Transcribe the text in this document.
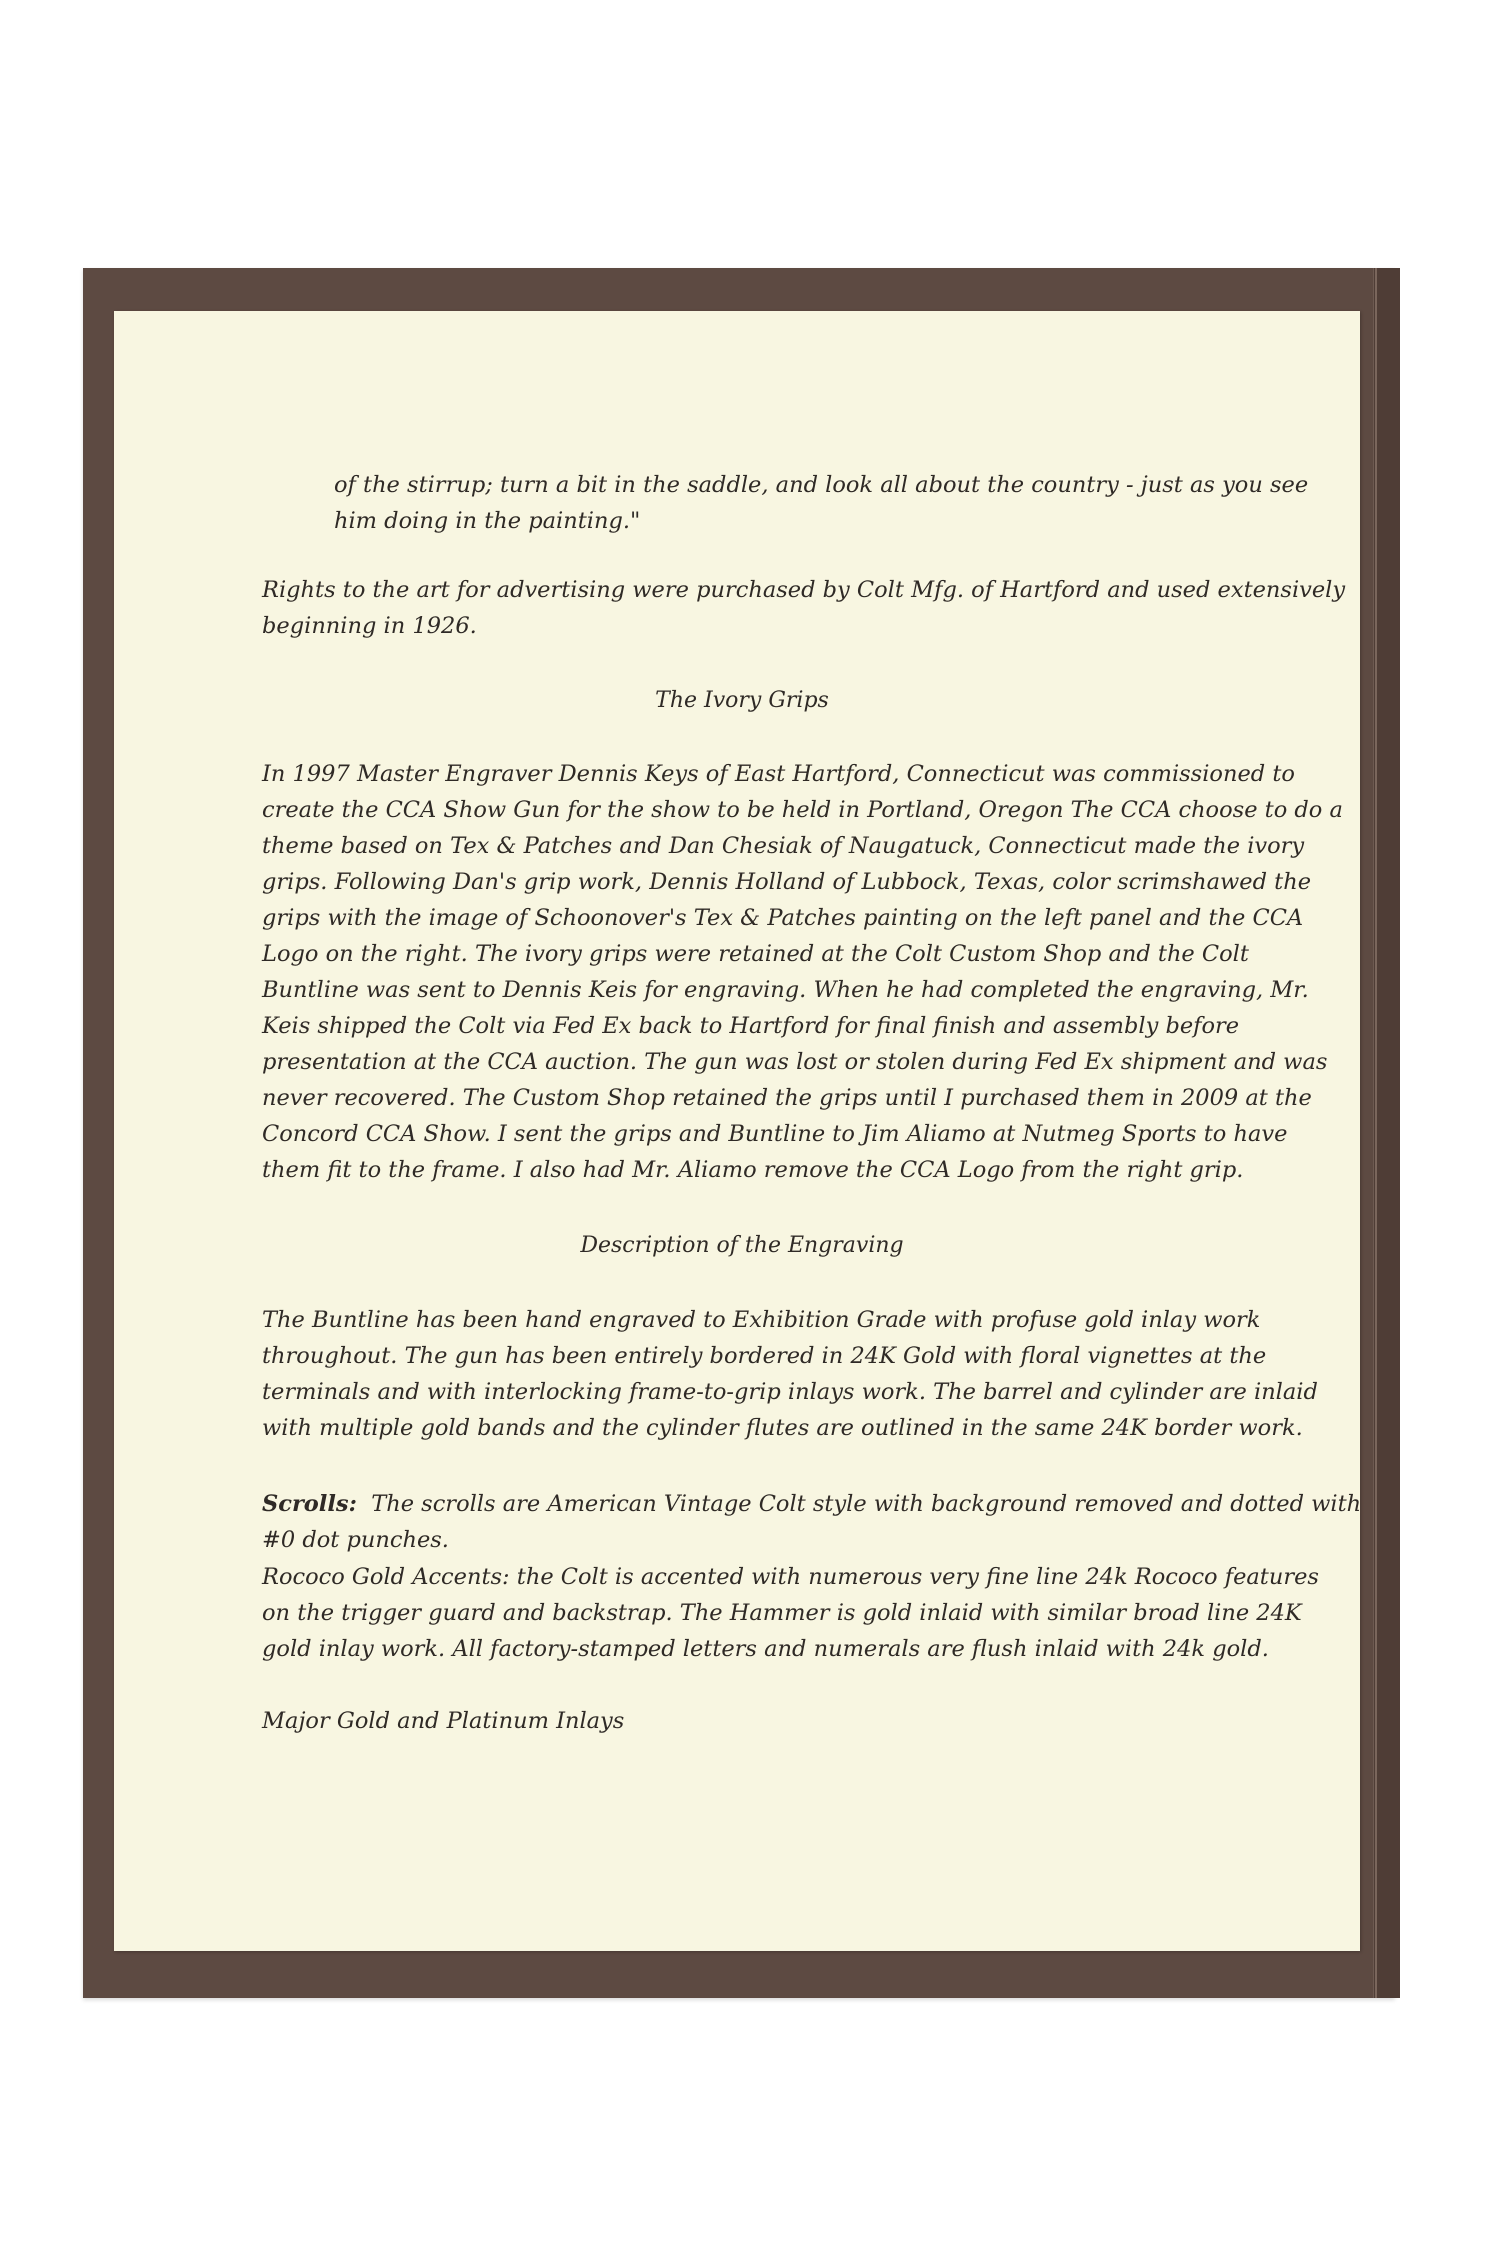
of the stirrup; turn a bit in the saddle, and look all about the country - just as you see
him doing in the painting."
Rights to the art for advertising were purchased by Colt Mfg. of Hartford and used extensively
beginning in 1926.
The Ivory Grips
In 1997 Master Engraver Dennis Keys of East Hartford, Connecticut was commissioned to
create the CCA Show Gun for the show to be held in Portland, Oregon The CCA choose to do a
theme based on Tex & Patches and Dan Chesiak of Naugatuck, Connecticut made the ivory
grips. Following Dan's grip work, Dennis Holland of Lubbock, Texas, color scrimshawed the
grips with the image of Schoonover's Tex & Patches painting on the left panel and the CCA
Logo on the right. The ivory grips were retained at the Colt Custom Shop and the Colt
Buntline was sent to Dennis Keis for engraving. When he had completed the engraving, Mr.
Keis shipped the Colt via Fed Ex back to Hartford for final finish and assembly before
presentation at the CCA auction. The gun was lost or stolen during Fed Ex shipment and was
never recovered. The Custom Shop retained the grips until I purchased them in 2009 at the
Concord CCA Show. I sent the grips and Buntline to Jim Aliamo at Nutmeg Sports to have
them fit to the frame. I also had Mr. Aliamo remove the CCA Logo from the right grip.
Description of the Engraving
The Buntline has been hand engraved to Exhibition Grade with profuse gold inlay work
throughout. The gun has been entirely bordered in 24K Gold with floral vignettes at the
terminals and with interlocking frame-to-grip inlays work. The barrel and cylinder are inlaid
with multiple gold bands and the cylinder flutes are outlined in the same 24K border work.
Scrolls:  The scrolls are American Vintage Colt style with background removed and dotted with
#0 dot punches.
Rococo Gold Accents: the Colt is accented with numerous very fine line 24k Rococo features
on the trigger guard and backstrap. The Hammer is gold inlaid with similar broad line 24K
gold inlay work. All factory-stamped letters and numerals are flush inlaid with 24k gold.
Major Gold and Platinum Inlays
